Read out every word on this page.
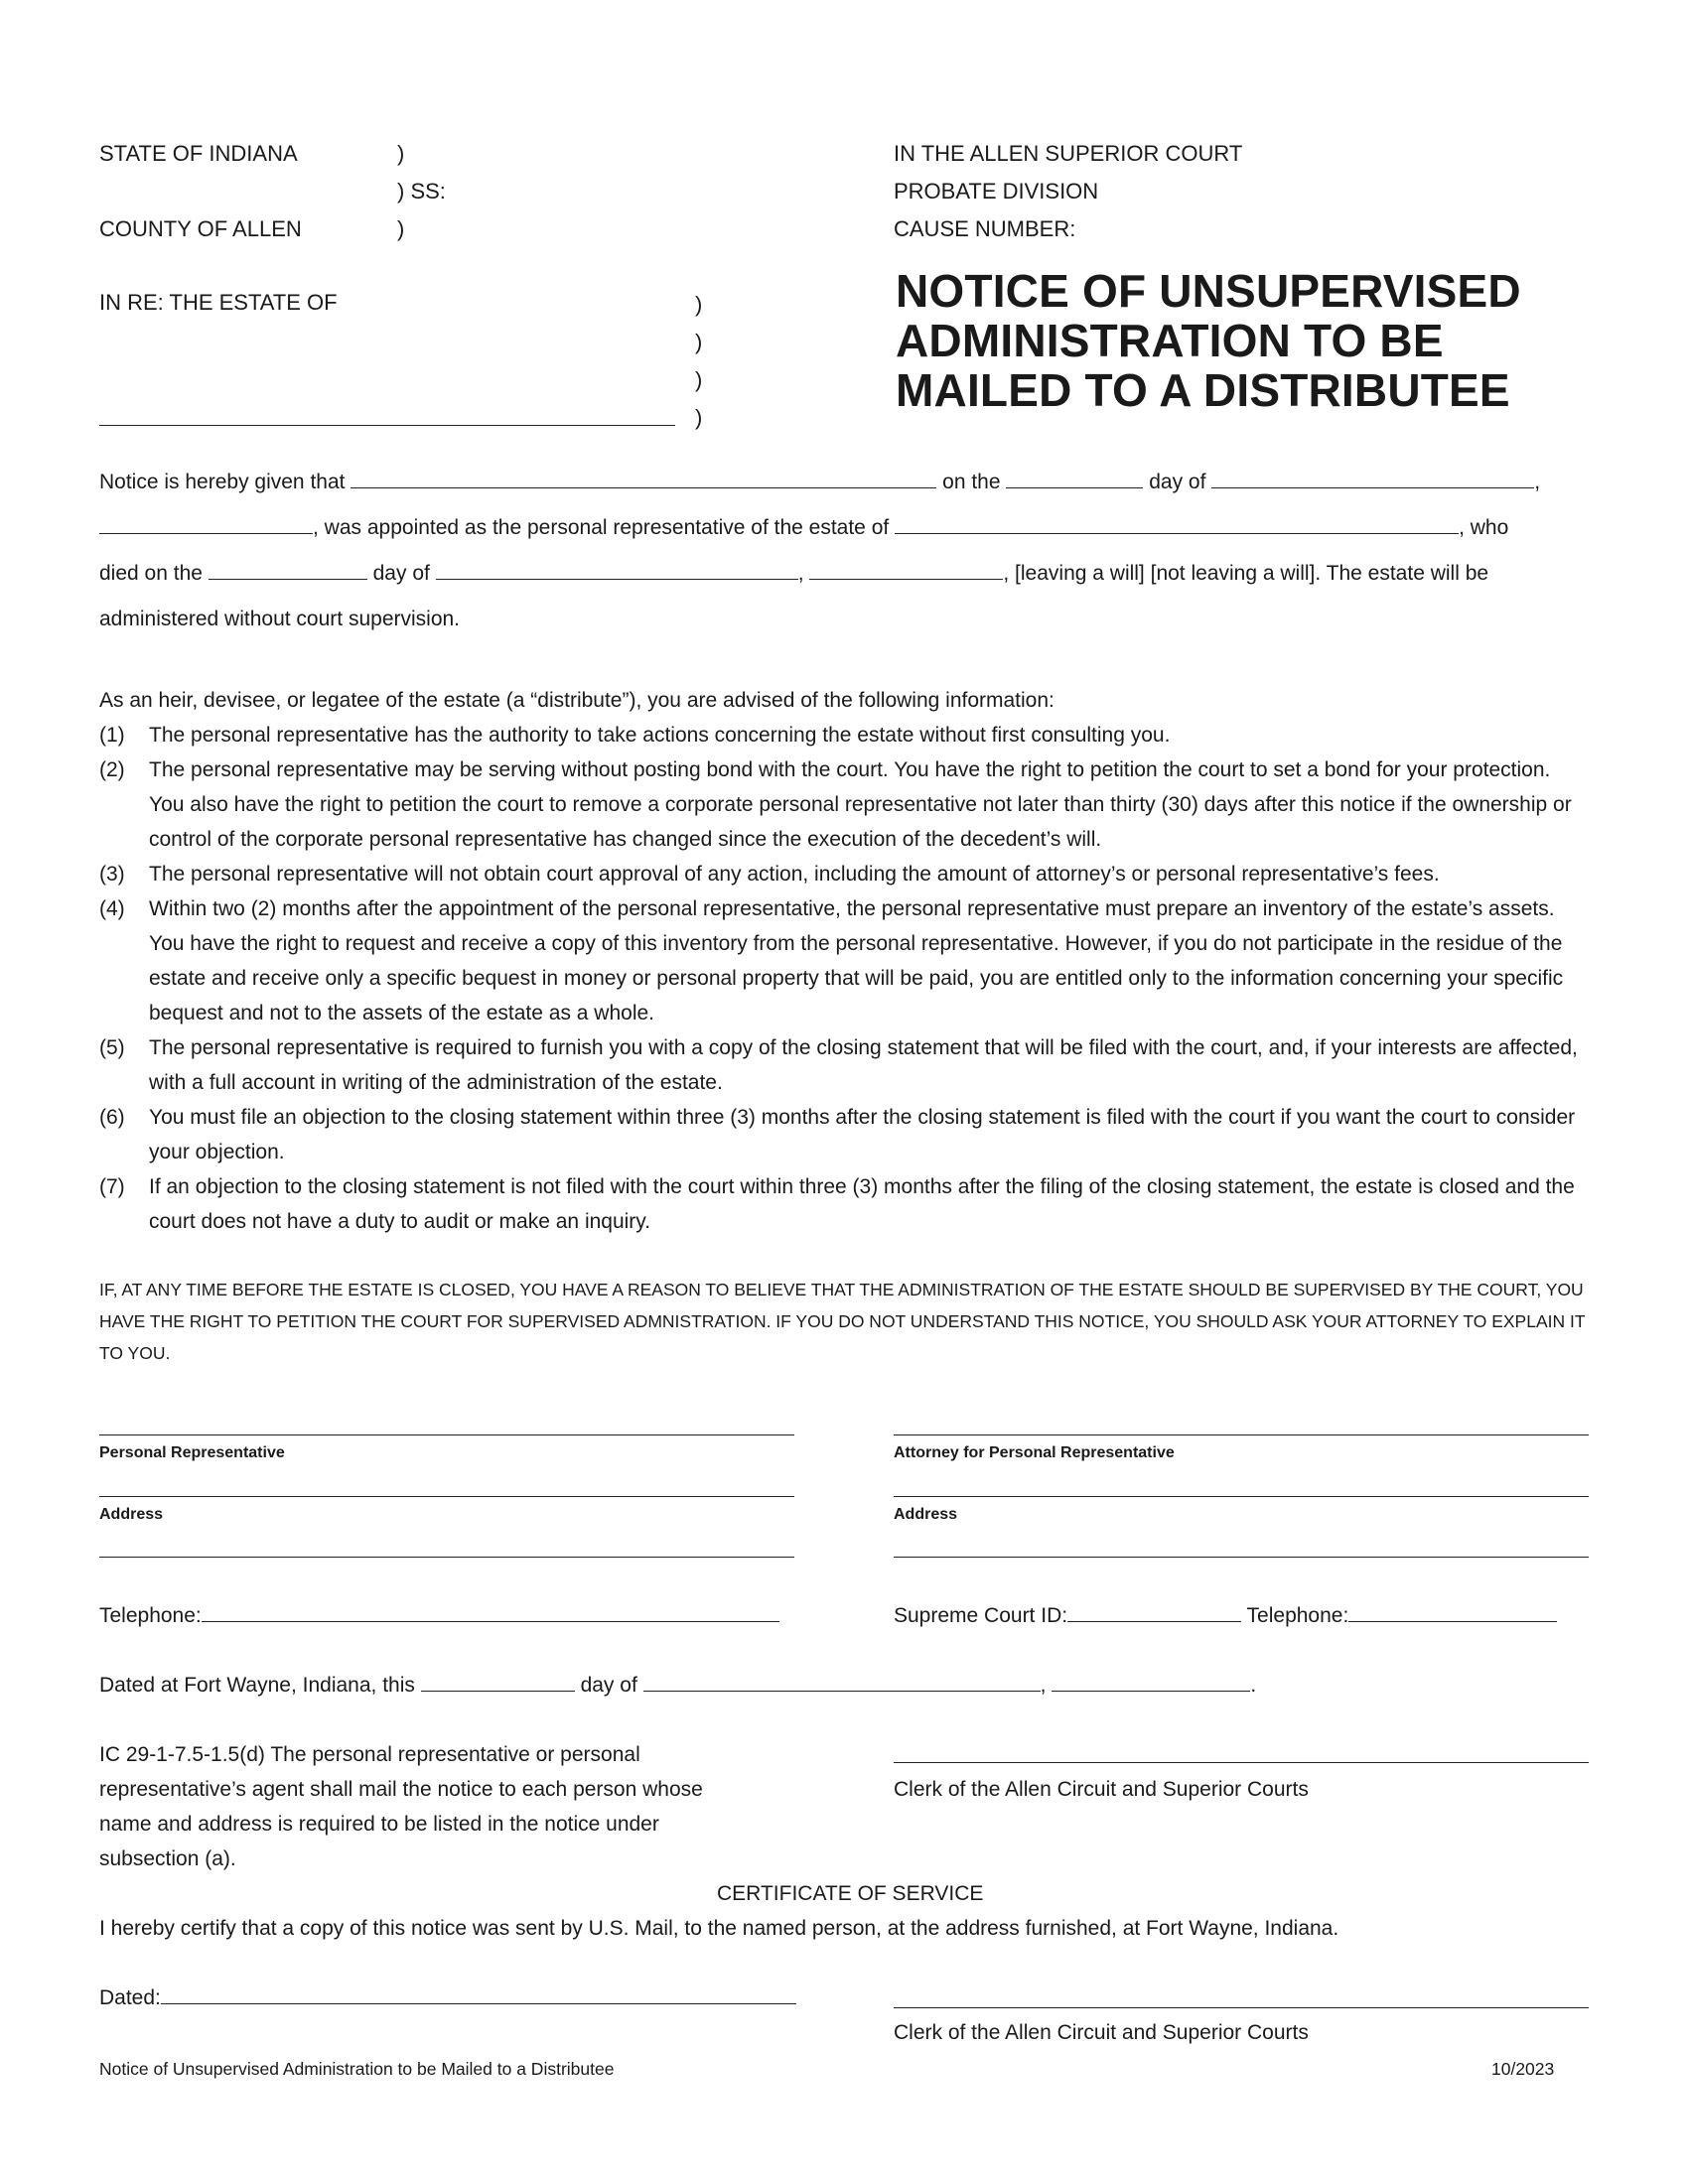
STATE OF INDIANA	)
) SS:
COUNTY OF ALLEN	)
IN THE ALLEN SUPERIOR COURT
PROBATE DIVISION
CAUSE NUMBER:
IN RE: THE ESTATE OF	)
)
)
)
NOTICE OF UNSUPERVISED
ADMINISTRATION TO BE
MAILED TO A DISTRIBUTEE
Notice is hereby given that	on the	day of	,
, was appointed as the personal representative of the estate of	, who
died on the	day of	,	, [leaving a will] [not leaving a will]. The estate will be
administered without court supervision.
As an heir, devisee, or legatee of the estate (a “distribute”), you are advised of the following information:
(1) The personal representative has the authority to take actions concerning the estate without first consulting you.
(2) The personal representative may be serving without posting bond with the court. You have the right to petition the court to set a bond for your protection. You also have the right to petition the court to remove a corporate personal representative not later than thirty (30) days after this notice if the ownership or control of the corporate personal representative has changed since the execution of the decedent’s will.
(3) The personal representative will not obtain court approval of any action, including the amount of attorney’s or personal representative’s fees.
(4) Within two (2) months after the appointment of the personal representative, the personal representative must prepare an inventory of the estate’s assets. You have the right to request and receive a copy of this inventory from the personal representative. However, if you do not participate in the residue of the estate and receive only a specific bequest in money or personal property that will be paid, you are entitled only to the information concerning your specific bequest and not to the assets of the estate as a whole.
(5) The personal representative is required to furnish you with a copy of the closing statement that will be filed with the court, and, if your interests are affected, with a full account in writing of the administration of the estate.
(6) You must file an objection to the closing statement within three (3) months after the closing statement is filed with the court if you want the court to consider your objection.
(7) If an objection to the closing statement is not filed with the court within three (3) months after the filing of the closing statement, the estate is closed and the court does not have a duty to audit or make an inquiry.
IF, AT ANY TIME BEFORE THE ESTATE IS CLOSED, YOU HAVE A REASON TO BELIEVE THAT THE ADMINISTRATION OF THE ESTATE SHOULD BE SUPERVISED BY THE COURT, YOU HAVE THE RIGHT TO PETITION THE COURT FOR SUPERVISED ADMNISTRATION. IF YOU DO NOT UNDERSTAND THIS NOTICE, YOU SHOULD ASK YOUR ATTORNEY TO EXPLAIN IT TO YOU.
Personal Representative	Attorney for Personal Representative
Address	Address
Telephone:	Supreme Court ID:	Telephone:
Dated at Fort Wayne, Indiana, this	day of	,	.
IC 29-1-7.5-1.5(d) The personal representative or personal representative’s agent shall mail the notice to each person whose name and address is required to be listed in the notice under subsection (a).
Clerk of the Allen Circuit and Superior Courts
CERTIFICATE OF SERVICE
I hereby certify that a copy of this notice was sent by U.S. Mail, to the named person, at the address furnished, at Fort Wayne, Indiana.
Dated:
Clerk of the Allen Circuit and Superior Courts
Notice of Unsupervised Administration to be Mailed to a Distributee	10/2023
